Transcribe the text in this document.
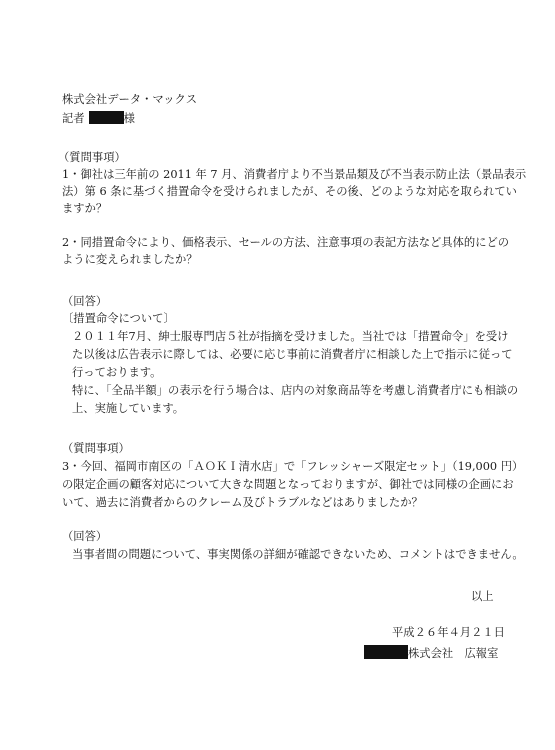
株式会社データ・マックス
記者	様
（質問事項）
1・御社は三年前の 2011 年 7 月、消費者庁より不当景品類及び不当表示防止法（景品表示
法）第 6 条に基づく措置命令を受けられましたが、その後、どのような対応を取られてい
ますか？
2・同措置命令により、価格表示、セールの方法、注意事項の表記方法など具体的にどの
ように変えられましたか？
（回答）
〔措置命令について〕
２０１１年7月、紳士服専門店５社が指摘を受けました。当社では「措置命令」を受け
た以後は広告表示に際しては、必要に応じ事前に消費者庁に相談した上で指示に従って
行っております。
特に、「全品半額」の表示を行う場合は、店内の対象商品等を考慮し消費者庁にも相談の
上、実施しています。
（質問事項）
3・今回、福岡市南区の「ＡＯＫＩ清水店」で「フレッシャーズ限定セット」（19,000 円）
の限定企画の顧客対応について大きな問題となっておりますが、御社では同様の企画にお
いて、過去に消費者からのクレーム及びトラブルなどはありましたか？
（回答）
当事者間の問題について、事実関係の詳細が確認できないため、コメントはできません。
以上
平成２６年４月２１日
株式会社　広報室
